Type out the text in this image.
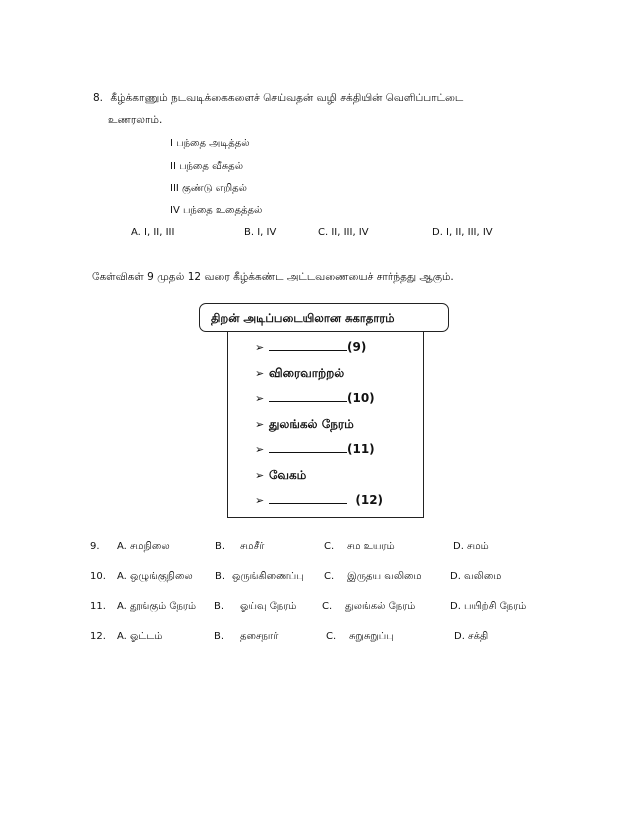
8. கீழ்க்காணும் நடவடிக்கைகளைச் செய்வதன் வழி சக்தியின் வெளிப்பாட்டை
உணரலாம்.
I பந்தை அடித்தல்
II பந்தை வீசுதல்
III குண்டு எறிதல்
IV பந்தை உதைத்தல்
A. I, II, III	B. I, IV	C. II, III, IV	D. I, II, III, IV
கேள்விகள் 9 முதல் 12 வரை கீழ்க்கண்ட அட்டவணையைச் சார்ந்தது ஆகும்.
திறன் அடிப்படையிலான சுகாதாரம்
➢	(9)
➢ விரைவாற்றல்
➢	(10)
➢ துலங்கல் நேரம்
➢	(11)
➢ வேகம்
➢	(12)
9. A. சமநிலை	B. சமசீர்	C. சம உயரம்	D. சமம்
10. A. ஒழுங்குநிலை B. ஒருங்கிணைப்பு C. இருதய வலிமை	D. வலிமை
11. A. தூங்கும் நேரம் B. ஓய்வு நேரம்	C. துலங்கல் நேரம்	D. பயிற்சி நேரம்
12. A. ஓட்டம்	B. தசைநார்	C. சுறுசுறுப்பு	D. சக்தி
